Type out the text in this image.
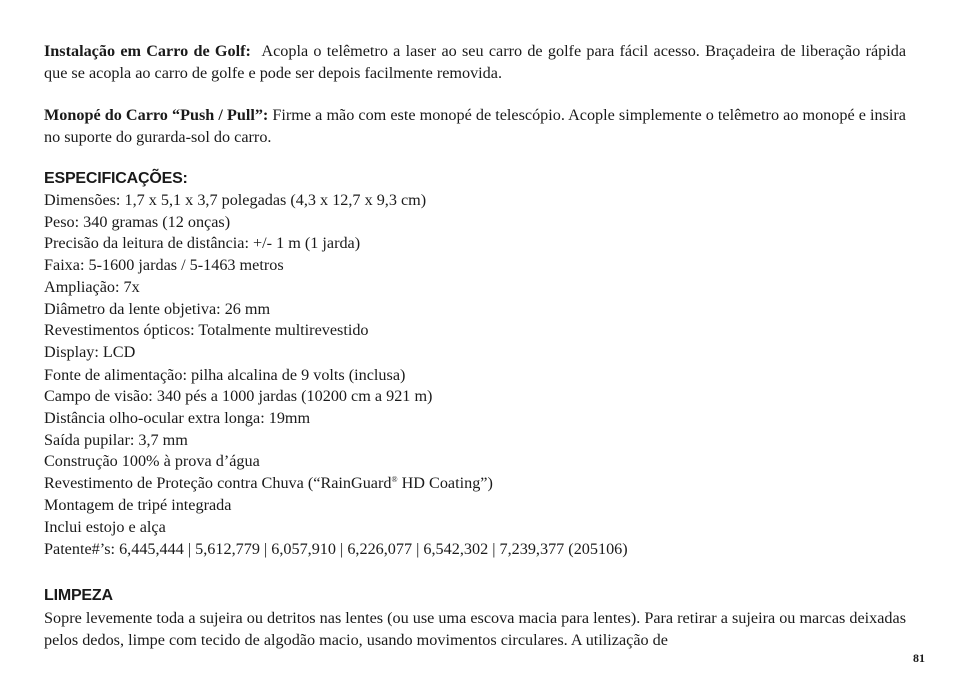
Instalação em Carro de Golf: Acopla o telêmetro a laser ao seu carro de golfe para fácil acesso. Braçadeira de liberação rápida que se acopla ao carro de golfe e pode ser depois facilmente removida.

Monopé do Carro “Push / Pull”: Firme a mão com este monopé de telescópio. Acople simplemente o telêmetro ao monopé e insira no suporte do gurarda-sol do carro.

ESPECIFICAÇÕES:
Dimensões: 1,7 x 5,1 x 3,7 polegadas (4,3 x 12,7 x 9,3 cm)
Peso: 340 gramas (12 onças)
Precisão da leitura de distância: +/- 1 m (1 jarda)
Faixa: 5-1600 jardas / 5-1463 metros
Ampliação: 7x
Diâmetro da lente objetiva: 26 mm
Revestimentos ópticos: Totalmente multirevestido
Display: LCD
Fonte de alimentação: pilha alcalina de 9 volts (inclusa)
Campo de visão: 340 pés a 1000 jardas (10200 cm a 921 m)
Distância olho-ocular extra longa: 19mm
Saída pupilar: 3,7 mm
Construção 100% à prova d’água
Revestimento de Proteção contra Chuva (“RainGuard® HD Coating”)
Montagem de tripé integrada
Inclui estojo e alça
Patente#’s: 6,445,444 | 5,612,779 | 6,057,910 | 6,226,077 | 6,542,302 | 7,239,377 (205106)
LIMPEZA

Sopre levemente toda a sujeira ou detritos nas lentes (ou use uma escova macia para lentes). Para retirar a sujeira ou marcas deixadas pelos dedos, limpe com tecido de algodão macio, usando movimentos circulares. A utilização de

81
